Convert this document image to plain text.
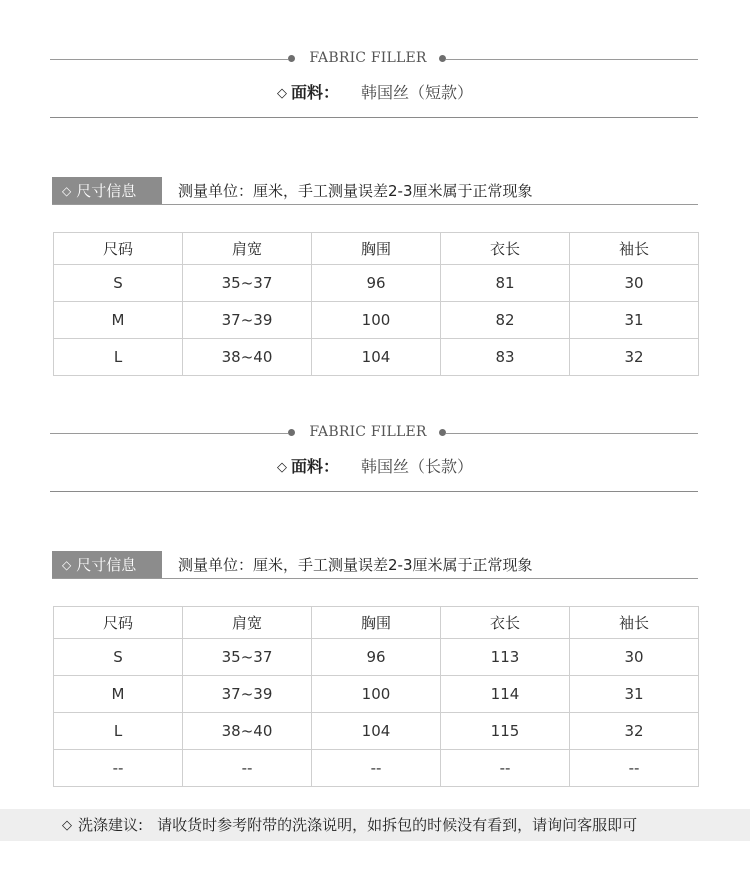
FABRIC FILLER
◇ 面料： 韩国丝（短款）
◇ 尺寸信息	测量单位：厘米，手工测量误差2-3厘米属于正常现象
尺码	肩宽	胸围	衣长	袖长
S	35~37	96	81	30
M	37~39	100	82	31
L	38~40	104	83	32
FABRIC FILLER
◇ 面料： 韩国丝（长款）
◇ 尺寸信息	测量单位：厘米，手工测量误差2-3厘米属于正常现象
尺码	肩宽	胸围	衣长	袖长
S	35~37	96	113	30
M	37~39	100	114	31
L	38~40	104	115	32
--	--	--	--	--
◇ 洗涤建议: 请收货时参考附带的洗涤说明，如拆包的时候没有看到，请询问客服即可
